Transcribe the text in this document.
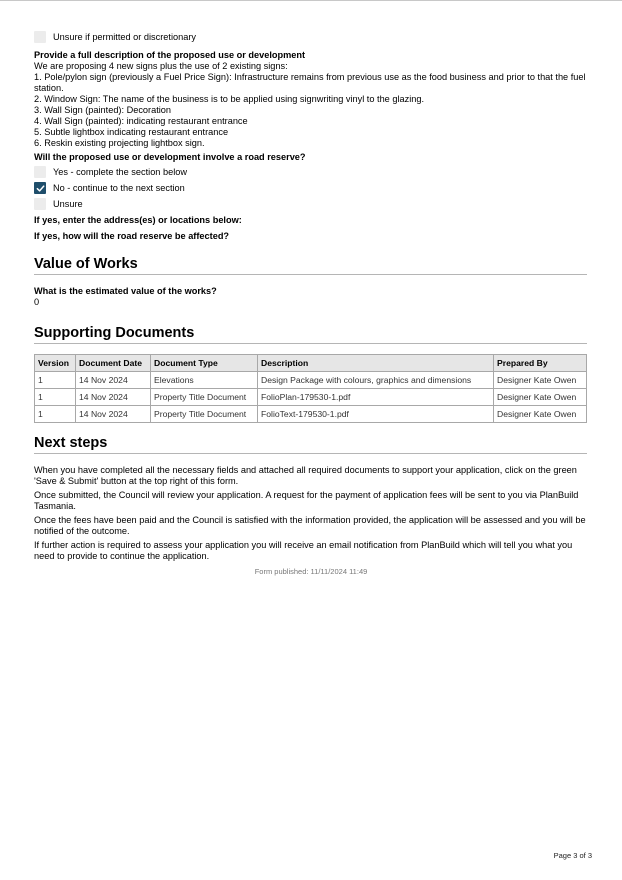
Unsure if permitted or discretionary
Provide a full description of the proposed use or development
We are proposing 4 new signs plus the use of 2 existing signs:
1. Pole/pylon sign (previously a Fuel Price Sign): Infrastructure remains from previous use as the food business and prior to that the fuel station.
2. Window Sign: The name of the business is to be applied using signwriting vinyl to the glazing.
3. Wall Sign (painted): Decoration
4. Wall Sign (painted): indicating restaurant entrance
5. Subtle lightbox indicating restaurant entrance
6. Reskin existing projecting lightbox sign.
Will the proposed use or development involve a road reserve?
Yes - complete the section below
No - continue to the next section
Unsure
If yes, enter the address(es) or locations below:
If yes, how will the road reserve be affected?
Value of Works
What is the estimated value of the works?
0
Supporting Documents
Version	Document Date	Document Type	Description	Prepared By
1	14 Nov 2024	Elevations	Design Package with colours, graphics and dimensions	Designer Kate Owen
1	14 Nov 2024	Property Title Document	FolioPlan-179530-1.pdf	Designer Kate Owen
1	14 Nov 2024	Property Title Document	FolioText-179530-1.pdf	Designer Kate Owen
Next steps

When you have completed all the necessary fields and attached all required documents to support your application, click on the green 'Save & Submit' button at the top right of this form.

Once submitted, the Council will review your application. A request for the payment of application fees will be sent to you via PlanBuild Tasmania.

Once the fees have been paid and the Council is satisfied with the information provided, the application will be assessed and you will be notified of the outcome.

If further action is required to assess your application you will receive an email notification from PlanBuild which will tell you what you need to provide to continue the application.

Form published: 11/11/2024 11:49
Page 3 of 3
